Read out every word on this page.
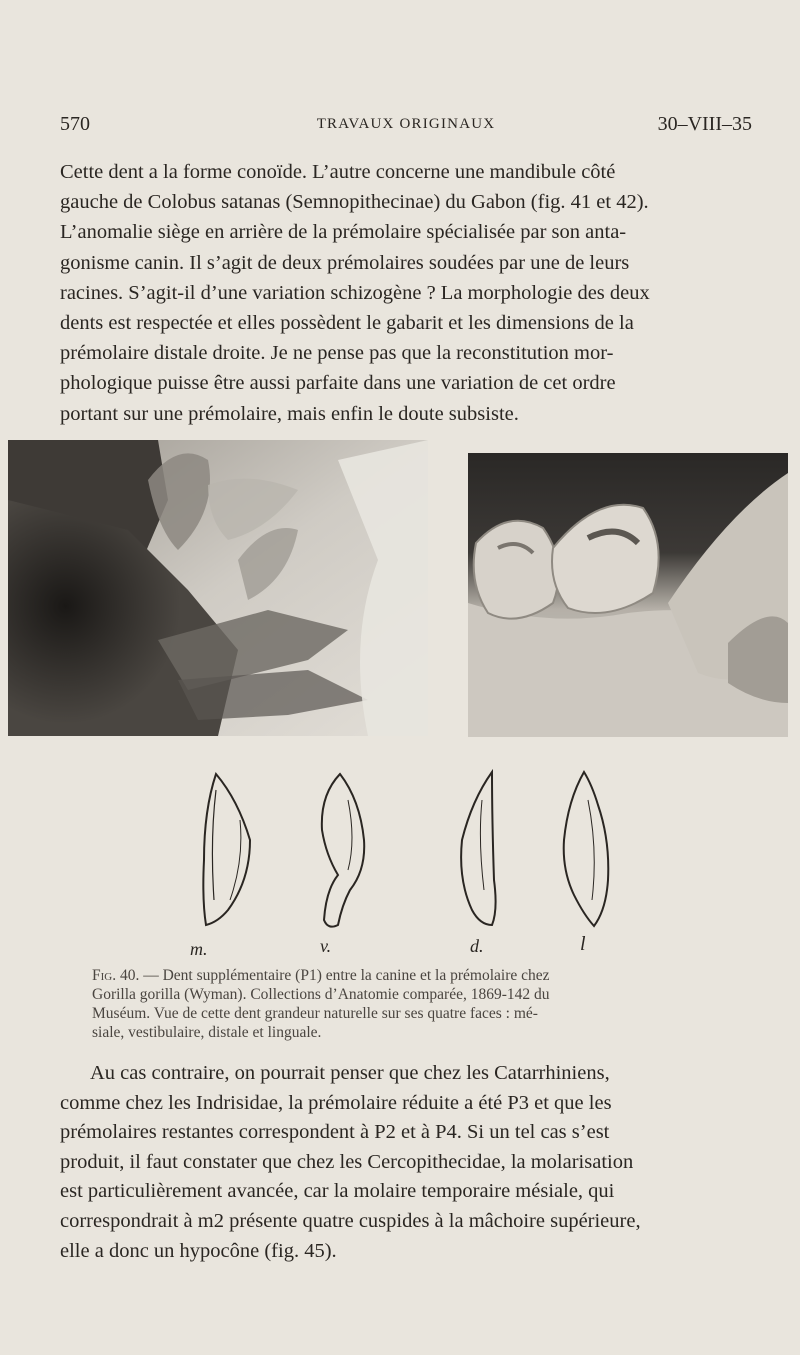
570	TRAVAUX ORIGINAUX	30–VIII–35
Cette dent a la forme conoïde. L’autre concerne une mandibule côté
gauche de Colobus satanas (Semnopithecinae) du Gabon (fig. 41 et 42).
L’anomalie siège en arrière de la prémolaire spécialisée par son anta-
gonisme canin. Il s’agit de deux prémolaires soudées par une de leurs
racines. S’agit-il d’une variation schizogène ? La morphologie des deux
dents est respectée et elles possèdent le gabarit et les dimensions de la
prémolaire distale droite. Je ne pense pas que la reconstitution mor-
phologique puisse être aussi parfaite dans une variation de cet ordre
portant sur une prémolaire, mais enfin le doute subsiste.
m.	v.	d.	l
Fig. 40. — Dent supplémentaire (P1) entre la canine et la prémolaire chez
Gorilla gorilla (Wyman). Collections d’Anatomie comparée, 1869-142 du
Muséum. Vue de cette dent grandeur naturelle sur ses quatre faces : mé-
siale, vestibulaire, distale et linguale.
Au cas contraire, on pourrait penser que chez les Catarrhiniens,
comme chez les Indrisidae, la prémolaire réduite a été P3 et que les
prémolaires restantes correspondent à P2 et à P4. Si un tel cas s’est
produit, il faut constater que chez les Cercopithecidae, la molarisation
est particulièrement avancée, car la molaire temporaire mésiale, qui
correspondrait à m2 présente quatre cuspides à la mâchoire supérieure,
elle a donc un hypocône (fig. 45).
